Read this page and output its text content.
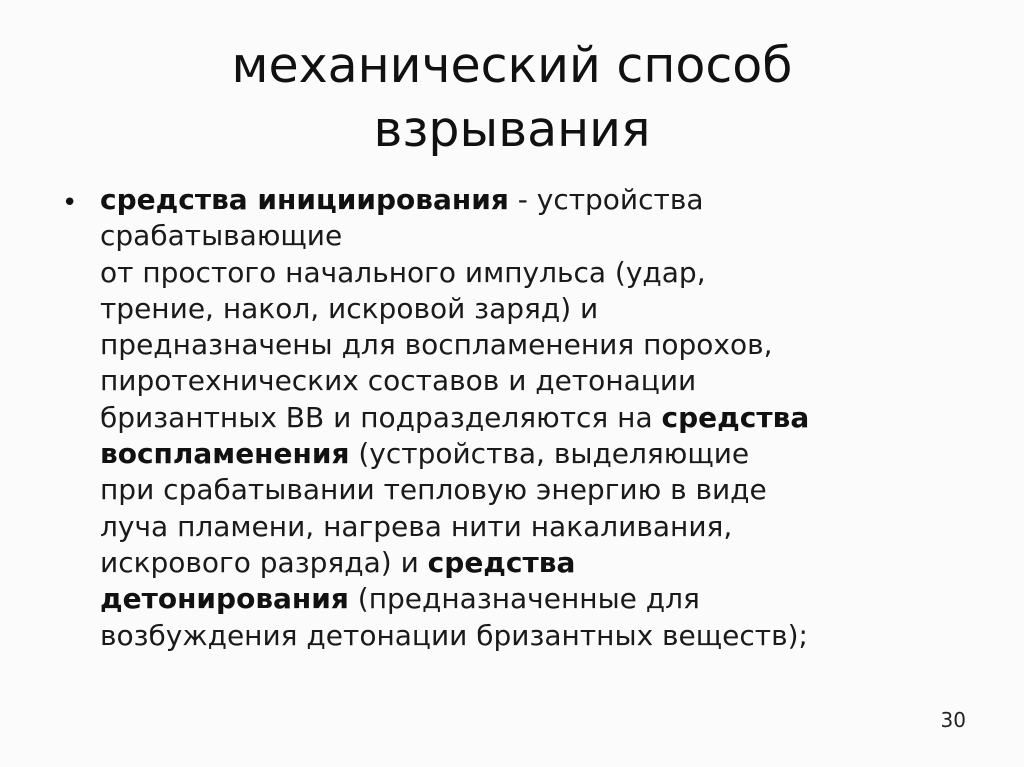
механический способ
взрывания
• средства инициирования - устройства
срабатывающие
от простого начального импульса (удар,
трение, накол, искровой заряд) и
предназначены для воспламенения порохов,
пиротехнических составов и детонации
бризантных ВВ и подразделяются на средства
воспламенения (устройства, выделяющие
при срабатывании тепловую энергию в виде
луча пламени, нагрева нити накаливания,
искрового разряда) и средства
детонирования (предназначенные для
возбуждения детонации бризантных веществ);
30
